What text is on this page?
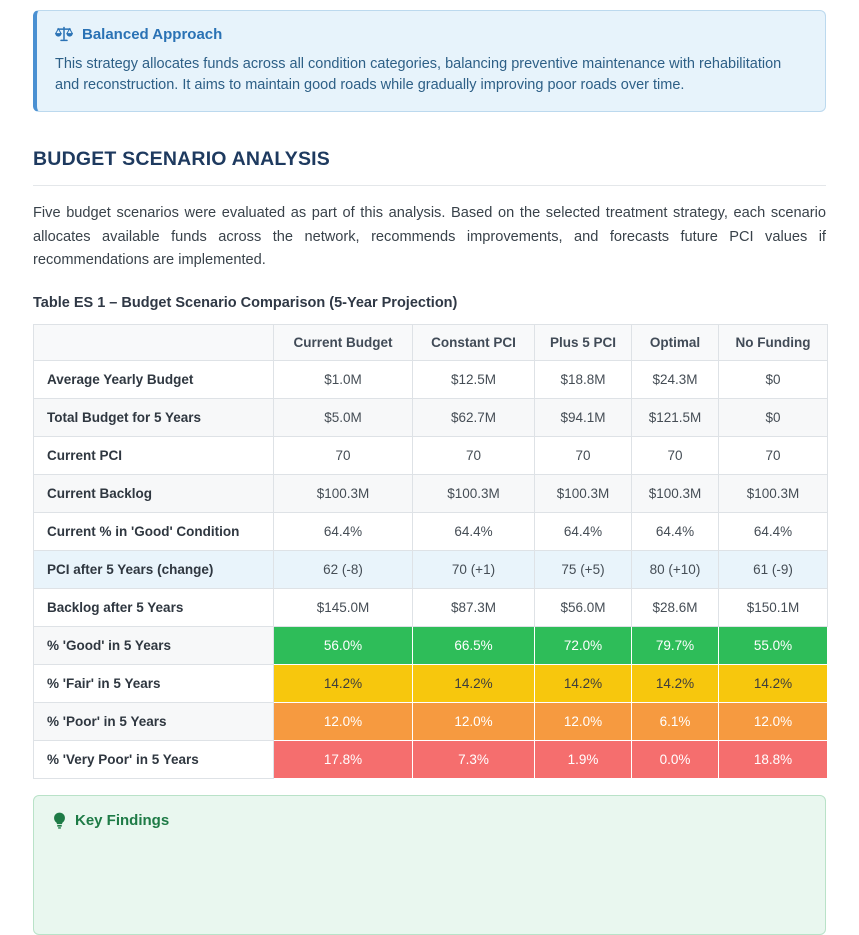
Balanced Approach
This strategy allocates funds across all condition categories, balancing preventive maintenance with rehabilitation and reconstruction. It aims to maintain good roads while gradually improving poor roads over time.
BUDGET SCENARIO ANALYSIS

Five budget scenarios were evaluated as part of this analysis. Based on the selected treatment strategy, each scenario allocates available funds across the network, recommends improvements, and forecasts future PCI values if recommendations are implemented.

Table ES 1 – Budget Scenario Comparison (5-Year Projection)
	Current Budget	Constant PCI	Plus 5 PCI	Optimal	No Funding
Average Yearly Budget	$1.0M	$12.5M	$18.8M	$24.3M	$0
Total Budget for 5 Years	$5.0M	$62.7M	$94.1M	$121.5M	$0
Current PCI	70	70	70	70	70
Current Backlog	$100.3M	$100.3M	$100.3M	$100.3M	$100.3M
Current % in 'Good' Condition	64.4%	64.4%	64.4%	64.4%	64.4%
PCI after 5 Years (change)	62 (-8)	70 (+1)	75 (+5)	80 (+10)	61 (-9)
Backlog after 5 Years	$145.0M	$87.3M	$56.0M	$28.6M	$150.1M
% 'Good' in 5 Years	56.0%	66.5%	72.0%	79.7%	55.0%
% 'Fair' in 5 Years	14.2%	14.2%	14.2%	14.2%	14.2%
% 'Poor' in 5 Years	12.0%	12.0%	12.0%	6.1%	12.0%
% 'Very Poor' in 5 Years	17.8%	7.3%	1.9%	0.0%	18.8%
Key Findings
